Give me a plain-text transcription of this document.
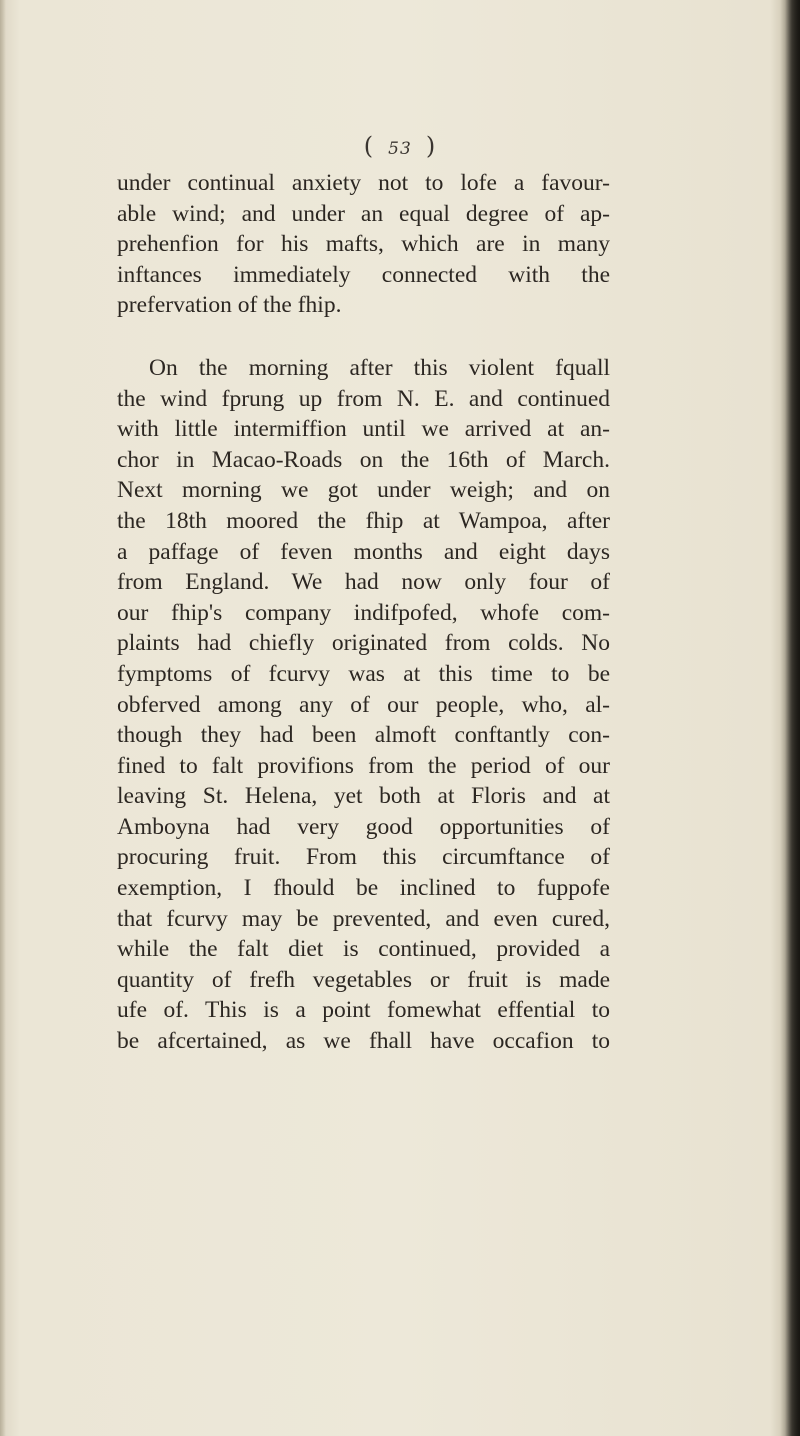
( 53 )
under continual anxiety not to lofe a favour-
able wind; and under an equal degree of ap-
prehenfion for his mafts, which are in many
inftances immediately connected with the
prefervation of the fhip.
On the morning after this violent fquall
the wind fprung up from N. E. and continued
with little intermiffion until we arrived at an-
chor in Macao-Roads on the 16th of March.
Next morning we got under weigh; and on
the 18th moored the fhip at Wampoa, after
a paffage of feven months and eight days
from England. We had now only four of
our fhip's company indifpofed, whofe com-
plaints had chiefly originated from colds. No
fymptoms of fcurvy was at this time to be
obferved among any of our people, who, al-
though they had been almoft conftantly con-
fined to falt provifions from the period of our
leaving St. Helena, yet both at Floris and at
Amboyna had very good opportunities of
procuring fruit. From this circumftance of
exemption, I fhould be inclined to fuppofe
that fcurvy may be prevented, and even cured,
while the falt diet is continued, provided a
quantity of frefh vegetables or fruit is made
ufe of. This is a point fomewhat effential to
be afcertained, as we fhall have occafion to
